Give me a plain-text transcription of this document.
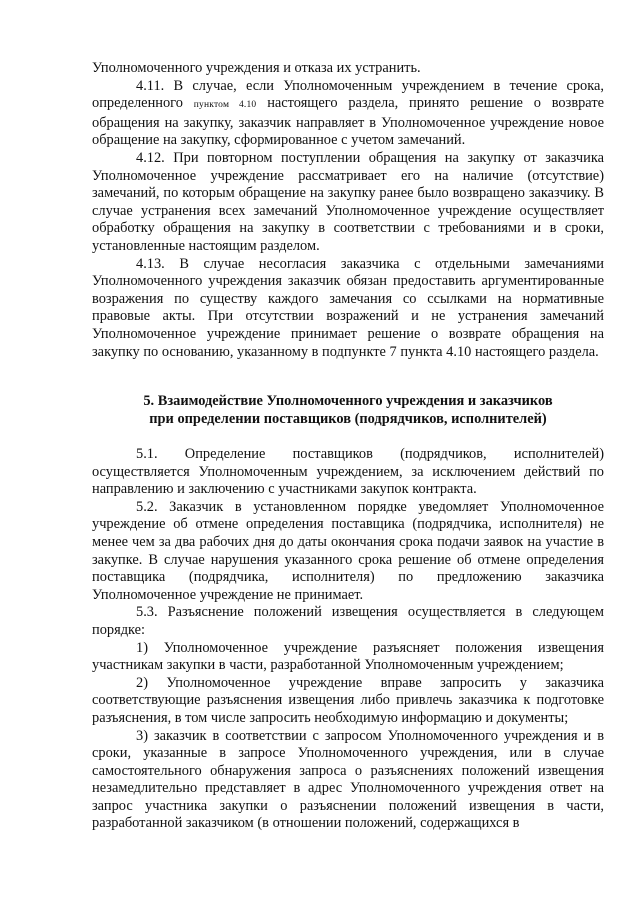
Уполномоченного учреждения и отказа их устранить.

4.11. В случае, если Уполномоченным учреждением в течение срока, определенного пунктом 4.10 настоящего раздела, принято решение о возврате обращения на закупку, заказчик направляет в Уполномоченное учреждение новое обращение на закупку, сформированное с учетом замечаний.

4.12. При повторном поступлении обращения на закупку от заказчика Уполномоченное учреждение рассматривает его на наличие (отсутствие) замечаний, по которым обращение на закупку ранее было возвращено заказчику. В случае устранения всех замечаний Уполномоченное учреждение осуществляет обработку обращения на закупку в соответствии с требованиями и в сроки, установленные настоящим разделом.

4.13. В случае несогласия заказчика с отдельными замечаниями Уполномоченного учреждения заказчик обязан предоставить аргументированные возражения по существу каждого замечания со ссылками на нормативные правовые акты. При отсутствии возражений и не устранения замечаний Уполномоченное учреждение принимает решение о возврате обращения на закупку по основанию, указанному в подпункте 7 пункта 4.10 настоящего раздела.

5. Взаимодействие Уполномоченного учреждения и заказчиков

при определении поставщиков (подрядчиков, исполнителей)

5.1. Определение поставщиков (подрядчиков, исполнителей) осуществляется Уполномоченным учреждением, за исключением действий по направлению и заключению с участниками закупок контракта.

5.2. Заказчик в установленном порядке уведомляет Уполномоченное учреждение об отмене определения поставщика (подрядчика, исполнителя) не менее чем за два рабочих дня до даты окончания срока подачи заявок на участие в закупке. В случае нарушения указанного срока решение об отмене определения поставщика (подрядчика, исполнителя) по предложению заказчика Уполномоченное учреждение не принимает.

5.3. Разъяснение положений извещения осуществляется в следующем порядке:

1) Уполномоченное учреждение разъясняет положения извещения участникам закупки в части, разработанной Уполномоченным учреждением;

2) Уполномоченное учреждение вправе запросить у заказчика соответствующие разъяснения извещения либо привлечь заказчика к подготовке разъяснения, в том числе запросить необходимую информацию и документы;

3) заказчик в соответствии с запросом Уполномоченного учреждения и в сроки, указанные в запросе Уполномоченного учреждения, или в случае самостоятельного обнаружения запроса о разъяснениях положений извещения незамедлительно представляет в адрес Уполномоченного учреждения ответ на запрос участника закупки о разъяснении положений извещения в части, разработанной заказчиком (в отношении положений, содержащихся в
